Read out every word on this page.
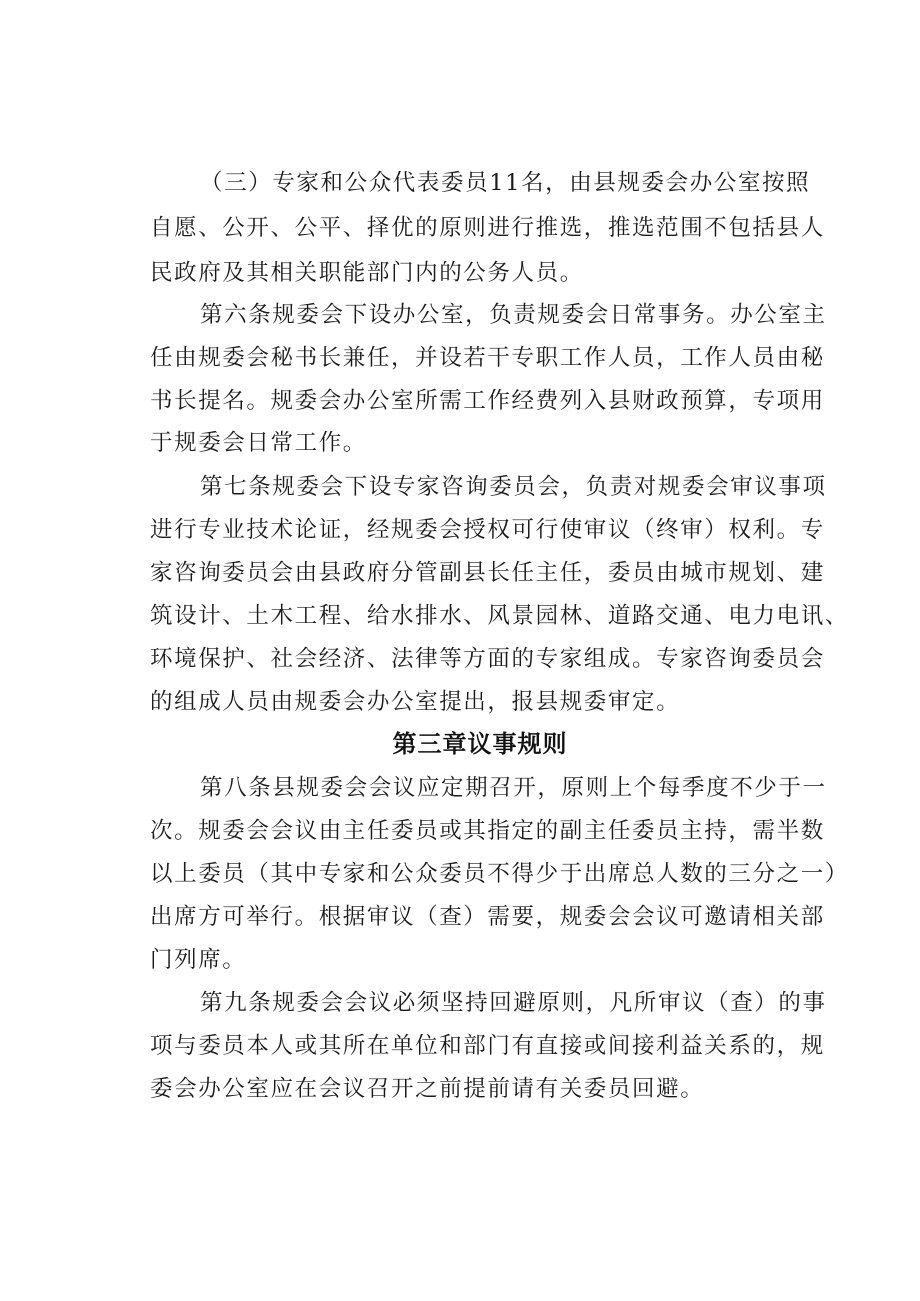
（三）专家和公众代表委员11名，由县规委会办公室按照
自愿、公开、公平、择优的原则进行推选，推选范围不包括县人
民政府及其相关职能部门内的公务人员。
第六条规委会下设办公室，负责规委会日常事务。办公室主
任由规委会秘书长兼任，并设若干专职工作人员，工作人员由秘
书长提名。规委会办公室所需工作经费列入县财政预算，专项用
于规委会日常工作。
第七条规委会下设专家咨询委员会，负责对规委会审议事项
进行专业技术论证，经规委会授权可行使审议（终审）权利。专
家咨询委员会由县政府分管副县长任主任，委员由城市规划、建
筑设计、土木工程、给水排水、风景园林、道路交通、电力电讯、
环境保护、社会经济、法律等方面的专家组成。专家咨询委员会
的组成人员由规委会办公室提出，报县规委审定。
第三章议事规则
第八条县规委会会议应定期召开，原则上个每季度不少于一
次。规委会会议由主任委员或其指定的副主任委员主持，需半数
以上委员（其中专家和公众委员不得少于出席总人数的三分之一）
出席方可举行。根据审议（查）需要，规委会会议可邀请相关部
门列席。
第九条规委会会议必须坚持回避原则，凡所审议（查）的事
项与委员本人或其所在单位和部门有直接或间接利益关系的，规
委会办公室应在会议召开之前提前请有关委员回避。
